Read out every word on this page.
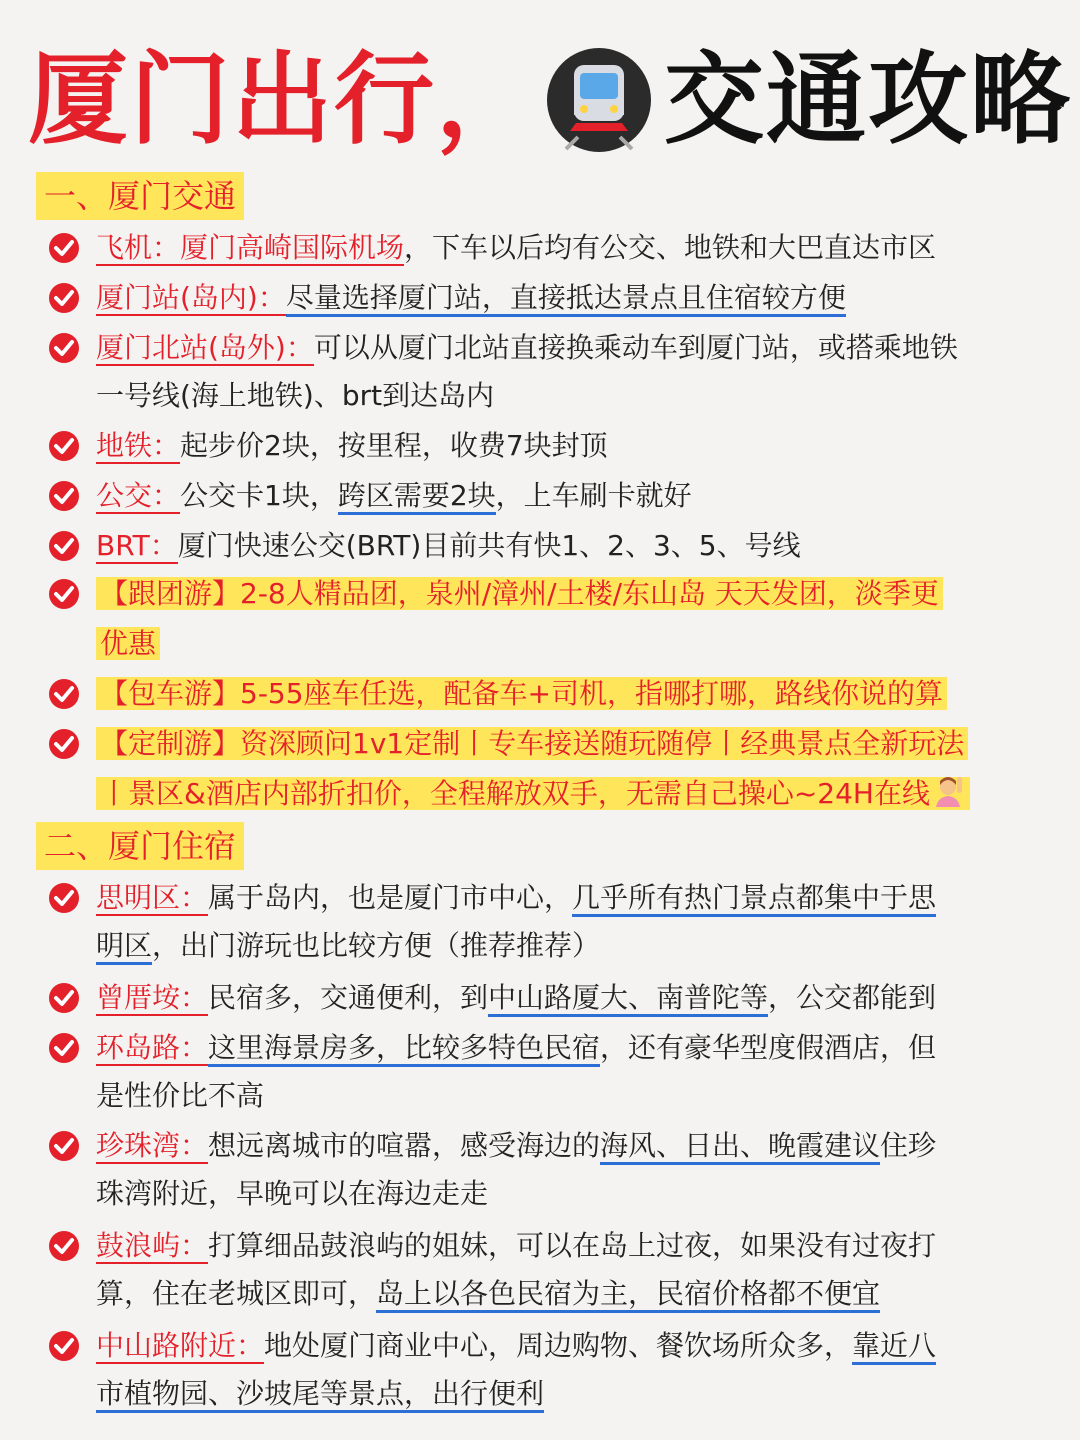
厦门出行， 交通攻略
一、厦门交通
飞机：厦门高崎国际机场，下车以后均有公交、地铁和大巴直达市区
厦门站(岛内)：尽量选择厦门站，直接抵达景点且住宿较方便
厦门北站(岛外)：可以从厦门北站直接换乘动车到厦门站，或搭乘地铁
一号线(海上地铁)、brt到达岛内
地铁：起步价2块，按里程，收费7块封顶
公交：公交卡1块，跨区需要2块，上车刷卡就好
BRT：厦门快速公交(BRT)目前共有快1、2、3、5、号线
【跟团游】2-8人精品团，泉州/漳州/土楼/东山岛 天天发团，淡季更
优惠
【包车游】5-55座车任选，配备车+司机，指哪打哪，路线你说的算
【定制游】资深顾问1v1定制丨专车接送随玩随停丨经典景点全新玩法
丨景区&酒店内部折扣价，全程解放双手，无需自己操心~24H在线
二、厦门住宿
思明区：属于岛内，也是厦门市中心，几乎所有热门景点都集中于思
明区，出门游玩也比较方便（推荐推荐）
曾厝垵：民宿多，交通便利，到中山路厦大、南普陀等，公交都能到
环岛路：这里海景房多，比较多特色民宿，还有豪华型度假酒店，但
是性价比不高
珍珠湾：想远离城市的喧嚣，感受海边的海风、日出、晚霞建议住珍
珠湾附近，早晚可以在海边走走
鼓浪屿：打算细品鼓浪屿的姐妹，可以在岛上过夜，如果没有过夜打
算，住在老城区即可，岛上以各色民宿为主，民宿价格都不便宜
中山路附近：地处厦门商业中心，周边购物、餐饮场所众多，靠近八
市植物园、沙坡尾等景点，出行便利
